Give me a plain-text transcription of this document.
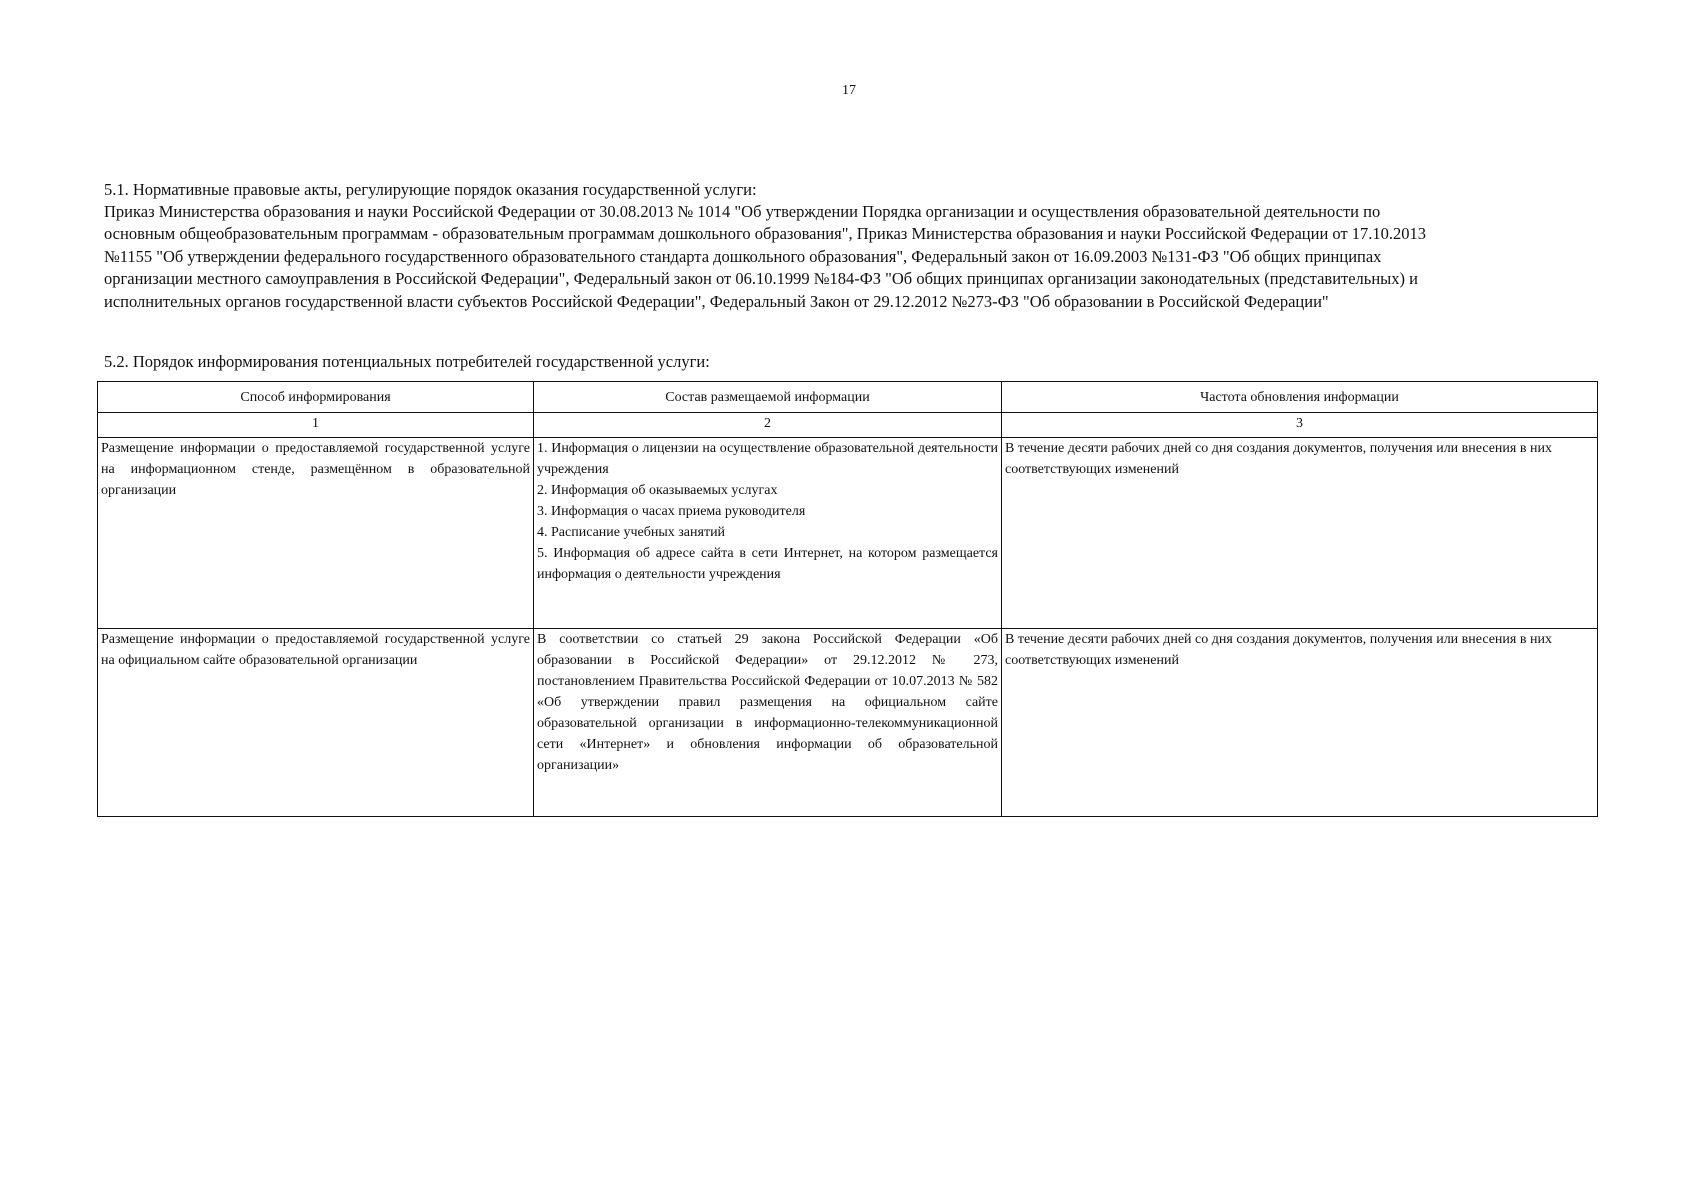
17
5.1. Нормативные правовые акты, регулирующие порядок оказания государственной услуги:
Приказ Министерства образования и науки Российской Федерации от 30.08.2013 № 1014 "Об утверждении Порядка организации и осуществления образовательной деятельности по
основным общеобразовательным программам - образовательным программам дошкольного образования", Приказ Министерства образования и науки Российской Федерации от 17.10.2013
№1155 "Об утверждении федерального государственного образовательного стандарта дошкольного образования", Федеральный закон от 16.09.2003 №131-ФЗ "Об общих принципах
организации местного самоуправления в Российской Федерации", Федеральный закон от 06.10.1999 №184-ФЗ "Об общих принципах организации законодательных (представительных) и
исполнительных органов государственной власти субъектов Российской Федерации", Федеральный Закон от 29.12.2012 №273-ФЗ "Об образовании в Российской Федерации"
5.2. Порядок информирования потенциальных потребителей государственной услуги:
Способ информирования	Состав размещаемой информации	Частота обновления информации
1	2	3
Размещение информации о предоставляемой государственной услуге на информационном стенде, размещённом в образовательной организации	1. Информация о лицензии на осуществление образовательной деятельности учреждения
2. Информация об оказываемых услугах
3. Информация о часах приема руководителя
4. Расписание учебных занятий
5. Информация об адресе сайта в сети Интернет, на котором размещается информация о деятельности учреждения	В течение десяти рабочих дней со дня создания документов, получения или внесения в них соответствующих изменений

Размещение информации о предоставляемой государственной услуге на официальном сайте образовательной организации	В соответствии со статьей 29 закона Российской Федерации «Об образовании в Российской Федерации» от 29.12.2012 № 273, постановлением Правительства Российской Федерации от 10.07.2013 № 582 «Об утверждении правил размещения на официальном сайте образовательной организации в информационно-телекоммуникационной сети «Интернет» и обновления информации об образовательной организации»	В течение десяти рабочих дней со дня создания документов, получения или внесения в них соответствующих изменений
